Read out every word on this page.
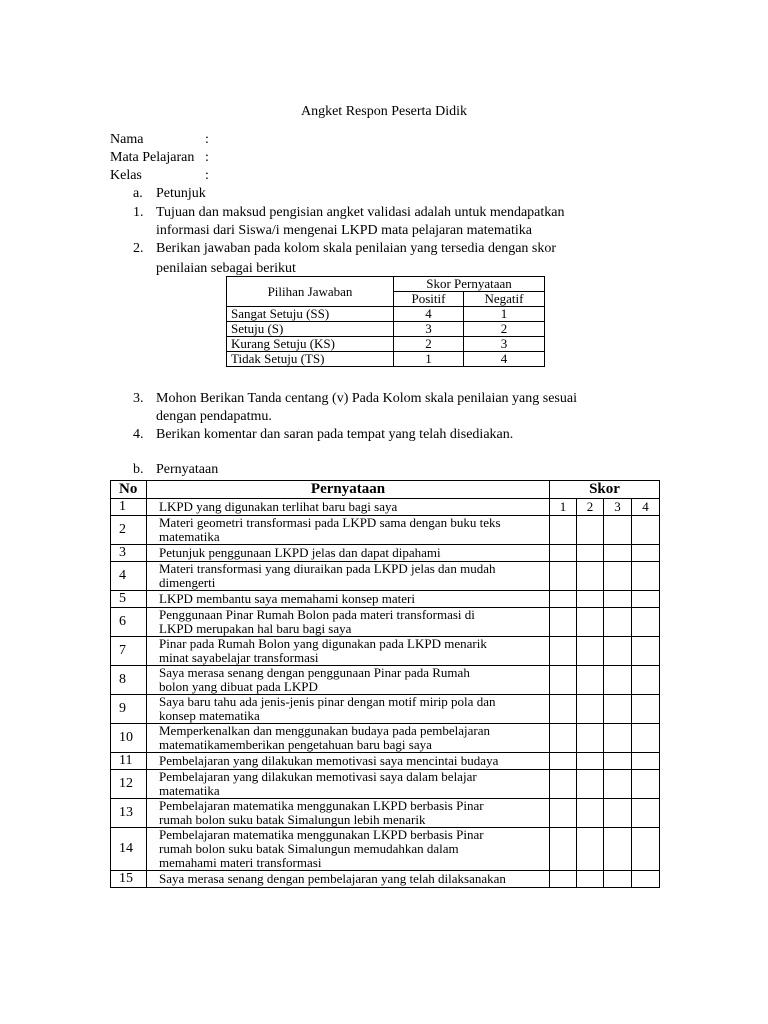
Angket Respon Peserta Didik
Nama	:
Mata Pelajaran :
Kelas	:
a. Petunjuk
1. Tujuan dan maksud pengisian angket validasi adalah untuk mendapatkan
informasi dari Siswa/i mengenai LKPD mata pelajaran matematika
2. Berikan jawaban pada kolom skala penilaian yang tersedia dengan skor
penilaian sebagai berikut
Pilihan Jawaban	Skor Pernyataan	
	Positif	Negatif
Sangat Setuju (SS)	4	1
Setuju (S)	3	2
Kurang Setuju (KS)	2	3
Tidak Setuju (TS)	1	4
3. Mohon Berikan Tanda centang (v) Pada Kolom skala penilaian yang sesuai
dengan pendapatmu.
4. Berikan komentar dan saran pada tempat yang telah disediakan.
b. Pernyataan
No	Pernyataan	Skor			
1	LKPD yang digunakan terlihat baru bagi saya	1	2	3	4
2	Materi geometri transformasi pada LKPD sama dengan buku teks
matematika				

3	Petunjuk penggunaan LKPD jelas dan dapat dipahami				

4	Materi transformasi yang diuraikan pada LKPD jelas dan mudah
dimengerti				

5	LKPD membantu saya memahami konsep materi				

6	Penggunaan Pinar Rumah Bolon pada materi transformasi di
LKPD merupakan hal baru bagi saya				

7	Pinar pada Rumah Bolon yang digunakan pada LKPD menarik
minat sayabelajar transformasi				

8	Saya merasa senang dengan penggunaan Pinar pada Rumah
bolon yang dibuat pada LKPD				

9	Saya baru tahu ada jenis-jenis pinar dengan motif mirip pola dan
konsep matematika				

10	Memperkenalkan dan menggunakan budaya pada pembelajaran
matematikamemberikan pengetahuan baru bagi saya				

11	Pembelajaran yang dilakukan memotivasi saya mencintai budaya				

12	Pembelajaran yang dilakukan memotivasi saya dalam belajar
matematika				

13	Pembelajaran matematika menggunakan LKPD berbasis Pinar
rumah bolon suku batak Simalungun lebih menarik				

14	Pembelajaran matematika menggunakan LKPD berbasis Pinar
rumah bolon suku batak Simalungun memudahkan dalam
memahami materi transformasi				

15	Saya merasa senang dengan pembelajaran yang telah dilaksanakan				
